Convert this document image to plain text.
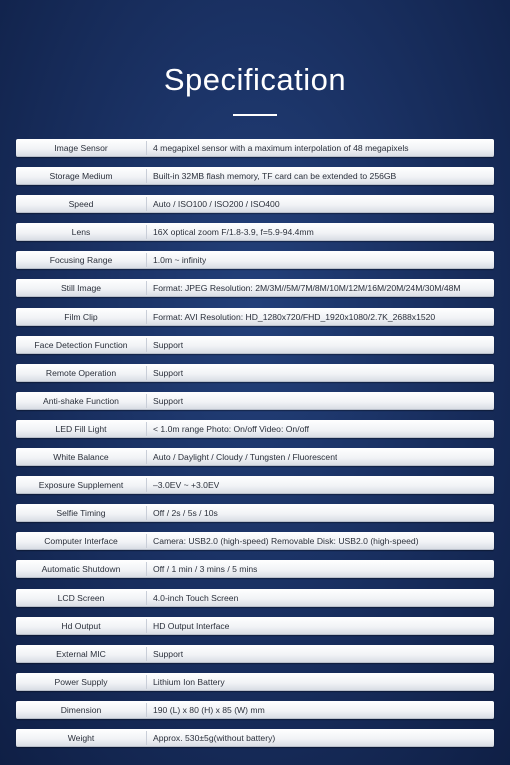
Specification
Image Sensor	4 megapixel sensor with a maximum interpolation of 48 megapixels
Storage Medium	Built-in 32MB flash memory, TF card can be extended to 256GB
Speed	Auto / ISO100 / ISO200 / ISO400
Lens	16X optical zoom F/1.8-3.9, f=5.9-94.4mm
Focusing Range	1.0m ~ infinity
Still Image	Format: JPEG Resolution: 2M/3M//5M/7M/8M/10M/12M/16M/20M/24M/30M/48M
Film Clip	Format: AVI Resolution: HD_1280x720/FHD_1920x1080/2.7K_2688x1520
Face Detection Function	Support
Remote Operation	Support
Anti-shake Function	Support
LED Fill Light	< 1.0m range Photo: On/off Video: On/off
White Balance	Auto / Daylight / Cloudy / Tungsten / Fluorescent
Exposure Supplement	–3.0EV ~ +3.0EV
Selfie Timing	Off / 2s / 5s / 10s
Computer Interface	Camera: USB2.0 (high-speed) Removable Disk: USB2.0 (high-speed)
Automatic Shutdown	Off / 1 min / 3 mins / 5 mins
LCD Screen	4.0-inch Touch Screen
Hd Output	HD Output Interface
External MIC	Support
Power Supply	Lithium Ion Battery
Dimension	190 (L) x 80 (H) x 85 (W) mm
Weight	Approx. 530±5g(without battery)
